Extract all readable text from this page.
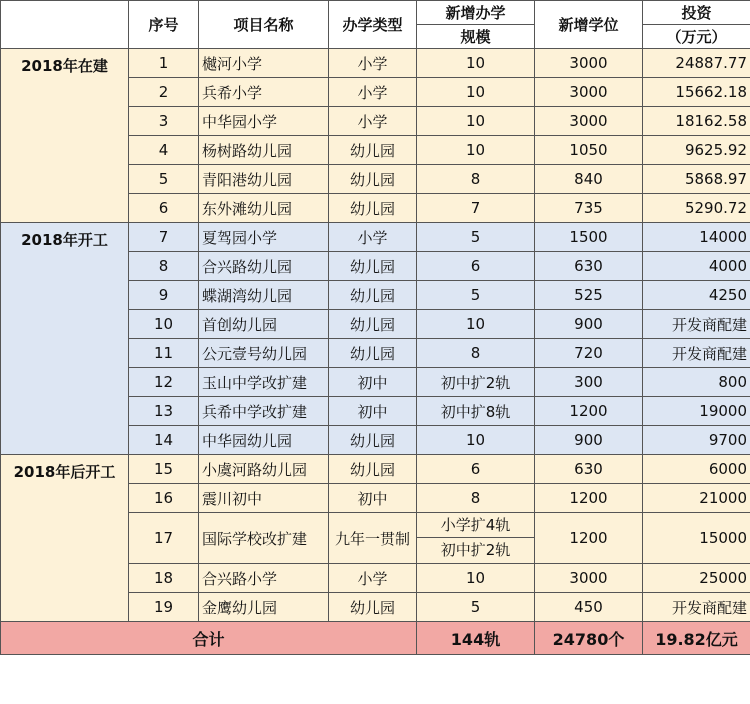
	序号	项目名称	办学类型	新增办学	新增学位	投资
				规模		（万元）
2018年在建	1	樾河小学	小学	10	3000	24887.77
	2	兵希小学	小学	10	3000	15662.18
	3	中华园小学	小学	10	3000	18162.58
	4	杨树路幼儿园	幼儿园	10	1050	9625.92
	5	青阳港幼儿园	幼儿园	8	840	5868.97
	6	东外滩幼儿园	幼儿园	7	735	5290.72
2018年开工	7	夏驾园小学	小学	5	1500	14000
	8	合兴路幼儿园	幼儿园	6	630	4000
	9	蝶湖湾幼儿园	幼儿园	5	525	4250
	10	首创幼儿园	幼儿园	10	900	开发商配建
	11	公元壹号幼儿园	幼儿园	8	720	开发商配建
	12	玉山中学改扩建	初中	初中扩2轨	300	800
	13	兵希中学改扩建	初中	初中扩8轨	1200	19000
	14	中华园幼儿园	幼儿园	10	900	9700
2018年后开工	15	小虞河路幼儿园	幼儿园	6	630	6000
	16	震川初中	初中	8	1200	21000
	17	国际学校改扩建	九年一贯制	小学扩4轨
初中扩2轨	1200	15000
	18	合兴路小学	小学	10	3000	25000
	19	金鹰幼儿园	幼儿园	5	450	开发商配建
合计				144轨	24780个	19.82亿元
